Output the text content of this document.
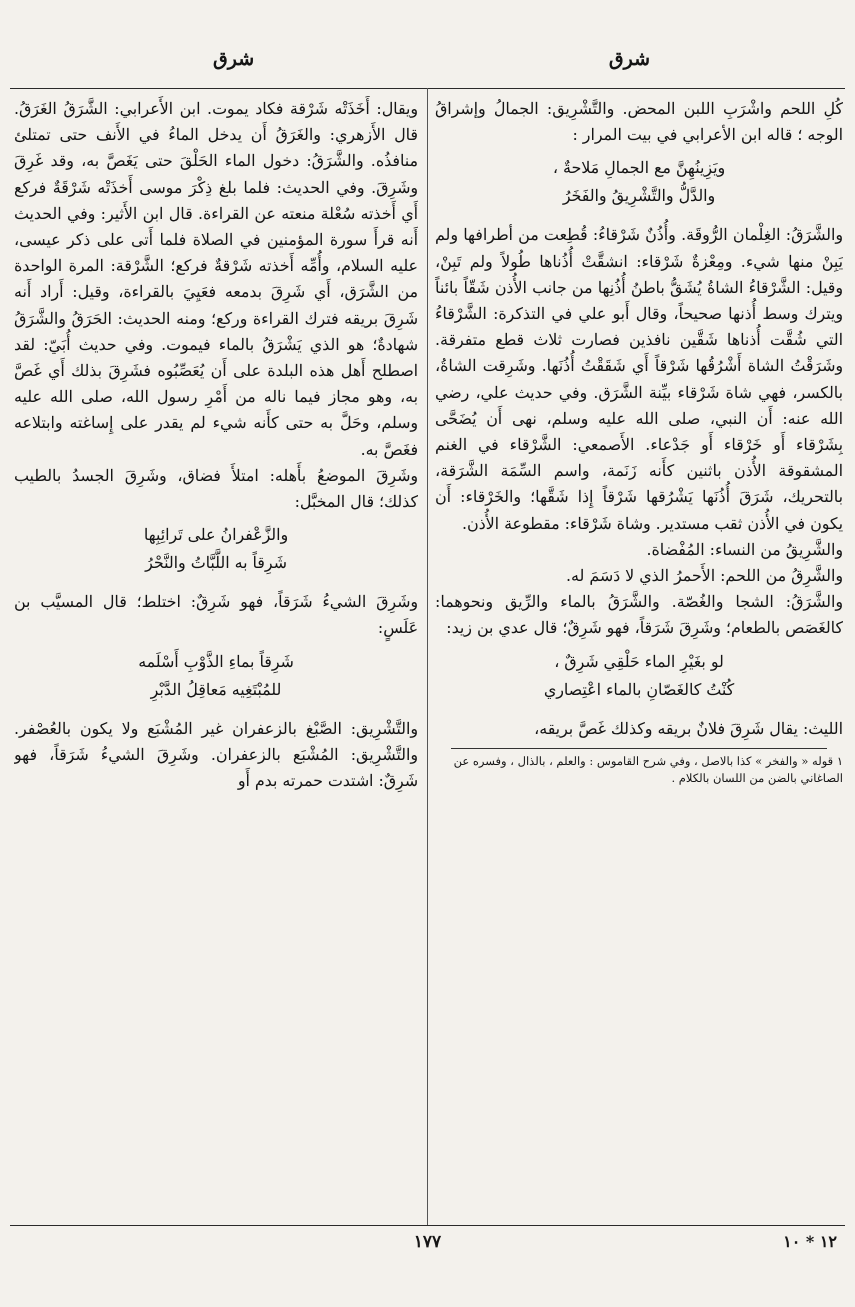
شرق
شرق
كُلِ اللحم واشْرَبِ اللبن المحض. والتَّشْرِيق: الجمالُ وإشراقُ الوجه ؛ قاله ابن الأعرابي في بيت المرار :
ويَزِينُهِنَّ مع الجمالِ مَلاحةٌ ،
والدَّلُّ والتَّشْرِيقُ والفَخَرُ
والشَّرَقُ: الغِلْمان الرُّوقَة. وأُذُنٌ شَرْقاءُ: قُطِعت من أطرافها ولم يَبِنْ منها شيء. ومِعْزةٌ شَرْقاء: انشقَّتْ أُذُناها طُولاً ولم تَبِنْ، وقيل: الشَّرْقاءُ الشاةُ يُشَقُّ باطنُ أُذُنِها من جانب الأُذن شَقّاً بائناً ويترك وسط أُذنها صحيحاً، وقال أَبو علي في التذكرة: الشَّرْقاءُ التي شُقَّت أُذناها شَقَّين نافذين فصارت ثلاث قطع متفرقة. وشَرَقْتُ الشاة أَشْرُقُها شَرْقاً أَي شَقَقْتُ أُذُنَها. وشَرِقت الشاةُ، بالكسر، فهي شاة شَرْقاء بيِّنة الشَّرَق. وفي حديث علي، رضي الله عنه: أَن النبي، صلى الله عليه وسلم، نهى أَن يُضَحَّى بِشَرْقاء أَو خَرْقاء أَو جَدْعاء. الأَصمعي: الشَّرْقاء في الغنم المشقوقة الأُذن باثنين كأَنه زَنَمة، واسم السِّمَة الشَّرَقة، بالتحريك، شَرَقَ أُذُنَها يَشْرُقها شَرْقاً إِذا شَقَّها؛ والخَرْقاء: أَن يكون في الأُذن ثقب مستدير. وشاة شَرْقاء: مقطوعة الأُذن.
والشَّرِيقُ من النساء: المُفْضاة.
والشَّرِقُ من اللحم: الأَحمرُ الذي لا دَسَمَ له.
والشَّرَقُ: الشجا والغُصّة. والشَّرَقُ بالماء والرِّيق ونحوهما: كالغَصَص بالطعام؛ وشَرِقَ شَرَقاً، فهو شَرِقٌ؛ قال عدي بن زيد:
لو بغَيْرِ الماء حَلْقِي شَرِقٌ ،
كُنْتُ كالغَصّانِ بالماء اعْتِصاري
الليث: يقال شَرِقَ فلانٌ بريقه وكذلك غَصَّ بريقه،
١ قوله « والفخر » كذا بالاصل ، وفي شرح القاموس : والعلم ، بالذال ، وفسره عن الصاغاني بالضن من اللسان بالكلام .
ويقال: أَخَذَتْه شَرْقة فكاد يموت. ابن الأَعرابي: الشَّرَقُ الغَرَقُ. قال الأَزهري: والغَرَقُ أَن يدخل الماءُ في الأَنف حتى تمتلئ منافذُه. والشَّرَقُ: دخول الماء الحَلْقَ حتى يَغَصَّ به، وقد غَرِقَ وشَرِقَ. وفي الحديث: فلما بلغ ذِكْرَ موسى أَخذَتْه شَرْقَةٌ فركع أَي أَخذته سُعْلة منعته عن القراءة. قال ابن الأَثير: وفي الحديث أَنه قرأَ سورة المؤمنين في الصلاة فلما أَتى على ذكر عيسى، عليه السلام، وأُمِّه أَخذته شَرْقةٌ فركع؛ الشَّرْقة: المرة الواحدة من الشَّرَق، أَي شَرِقَ بدمعه فعَيِيَ بالقراءة، وقيل: أَراد أَنه شَرِقَ بريقه فترك القراءة وركع؛ ومنه الحديث: الحَرَقُ والشَّرَقُ شهادةٌ؛ هو الذي يَشْرَقُ بالماء فيموت. وفي حديث أُبَيّ: لقد اصطلح أَهل هذه البلدة على أَن يُعَصِّبُوه فشَرِقَ بذلك أَي غَصَّ به، وهو مجاز فيما ناله من أَمْرِ رسول الله، صلى الله عليه وسلم، وحَلَّ به حتى كأَنه شيء لم يقدر على إِساغته وابتلاعه فغَصَّ به.
وشَرِقَ الموضعُ بأَهله: امتلأَ فضاق، وشَرِقَ الجسدُ بالطيب كذلك؛ قال المخبَّل:
والزَّعْفرانُ على تَرائِبِها
شَرِقاً به اللَّبَّاتُ والنَّحْرُ
وشَرِقَ الشيءُ شَرَقاً، فهو شَرِقٌ: اختلط؛ قال المسيَّب بن عَلَسٍ:
شَرِقاً بماءِ الذَّوْبِ أَسْلَمه
للمُبْتَغِيه مَعاقِلُ الدَّبْرِ
والتَّشْرِيق: الصَّبْغ بالزعفران غير المُشْبَع ولا يكون بالعُصْفر. والتَّشْرِيق: المُشْبَع بالزعفران. وشَرِقَ الشيءُ شَرَقاً، فهو شَرِقٌ: اشتدت حمرته بدم أَو
١٧٧	١٢ * ١٠
